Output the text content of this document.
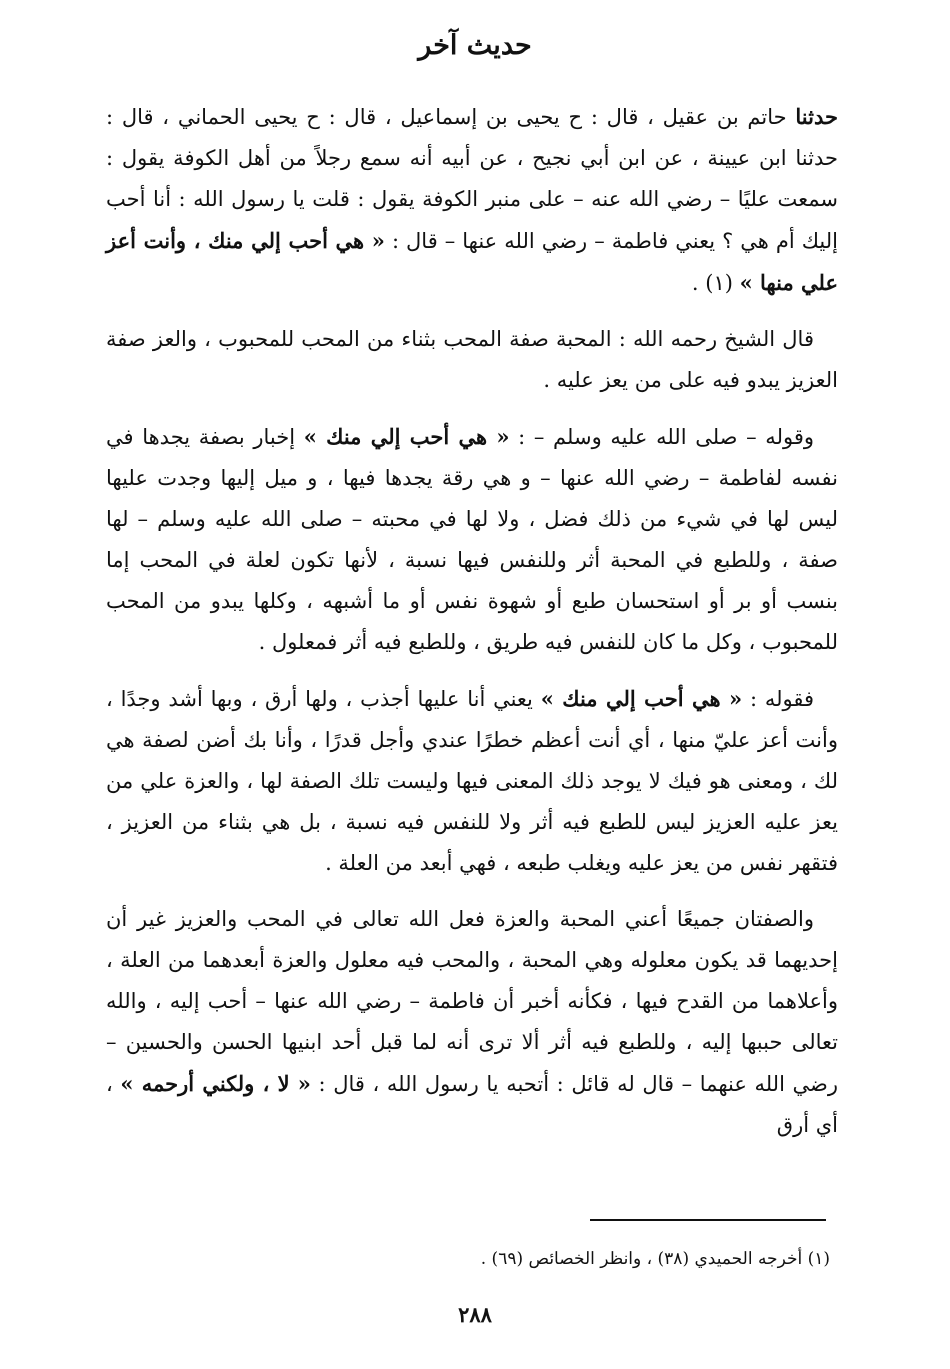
حديث آخر

حدثنا حاتم بن عقيل ، قال : ح يحيى بن إسماعيل ، قال : ح يحيى الحماني ، قال : حدثنا ابن عيينة ، عن ابن أبي نجيح ، عن أبيه أنه سمع رجلاً من أهل الكوفة يقول : سمعت عليًا – رضي الله عنه – على منبر الكوفة يقول : قلت يا رسول الله : أنا أحب إليك أم هي ؟ يعني فاطمة – رضي الله عنها – قال : « هي أحب إلي منك ، وأنت أعز علي منها » (١) .

قال الشيخ رحمه الله : المحبة صفة المحب بثناء من المحب للمحبوب ، والعز صفة العزيز يبدو فيه على من يعز عليه .

وقوله – صلى الله عليه وسلم – : « هي أحب إلي منك » إخبار بصفة يجدها في نفسه لفاطمة – رضي الله عنها – و هي رقة يجدها فيها ، و ميل إليها وجدت عليها ليس لها في شيء من ذلك فضل ، ولا لها في محبته – صلى الله عليه وسلم – لها صفة ، وللطبع في المحبة أثر وللنفس فيها نسبة ، لأنها تكون لعلة في المحب إما بنسب أو بر أو استحسان طبع أو شهوة نفس أو ما أشبهه ، وكلها يبدو من المحب للمحبوب ، وكل ما كان للنفس فيه طريق ، وللطبع فيه أثر فمعلول .

فقوله : « هي أحب إلي منك » يعني أنا عليها أجذب ، ولها أرق ، وبها أشد وجدًا ، وأنت أعز عليّ منها ، أي أنت أعظم خطرًا عندي وأجل قدرًا ، وأنا بك أضن لصفة هي لك ، ومعنى هو فيك لا يوجد ذلك المعنى فيها وليست تلك الصفة لها ، والعزة علي من يعز عليه العزيز ليس للطبع فيه أثر ولا للنفس فيه نسبة ، بل هي بثناء من العزيز ، فتقهر نفس من يعز عليه ويغلب طبعه ، فهي أبعد من العلة .

والصفتان جميعًا أعني المحبة والعزة فعل الله تعالى في المحب والعزيز غير أن إحديهما قد يكون معلوله وهي المحبة ، والمحب فيه معلول والعزة أبعدهما من العلة ، وأعلاهما من القدح فيها ، فكأنه أخبر أن فاطمة – رضي الله عنها – أحب إليه ، والله تعالى حببها إليه ، وللطبع فيه أثر ألا ترى أنه لما قبل أحد ابنيها الحسن والحسين – رضي الله عنهما – قال له قائل : أتحبه يا رسول الله ، قال : « لا ، ولكني أرحمه » ، أي أرق

(١) أخرجه الحميدي (٣٨) ، وانظر الخصائص (٦٩) .
٢٨٨
